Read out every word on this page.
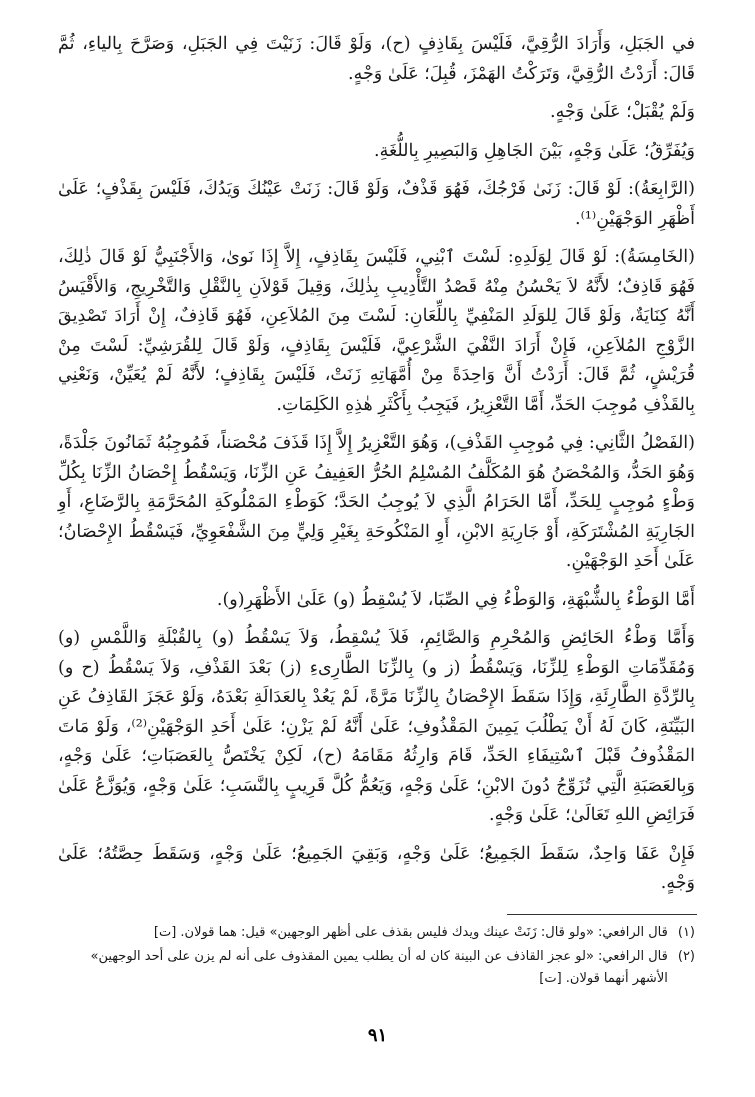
في الجَبَلِ، وَأَرَادَ الرُّقِيَّ، فَلَيْسَ بِقَاذِفٍ (ح)، وَلَوْ قَالَ: زَنَيْتَ فِي الجَبَلِ، وَصَرَّحَ بِالياءِ، ثُمَّ قَالَ: أَرَدْتُ الرُّقِيَّ، وَتَرَكْتُ الهَمْزَ، قُبِلَ؛ عَلَىٰ وَجْهٍ.

وَلَمْ يُقْبَلْ؛ عَلَىٰ وَجْهٍ.

وَيُفَرِّقُ؛ عَلَىٰ وَجْهٍ، بَيْنَ الجَاهِلِ وَالبَصِيرِ بِاللُّغَةِ.

(الرَّابِعَةُ): لَوْ قَالَ: زَنَىٰ فَرْجُكَ، فَهُوَ قَذْفٌ، وَلَوْ قَالَ: زَنَتْ عَيْنُكَ وَيَدُكَ، فَلَيْسَ بِقَذْفٍ؛ عَلَىٰ أَظْهَرِ الوَجْهَيْنِ⁽¹⁾.

(الخَامِسَةُ): لَوْ قَالَ لِوَلَدِهِ: لَسْتَ ٱبْنِي، فَلَيْسَ بِقَاذِفٍ، إِلاَّ إِذَا نَوىٰ، وَالأَجْنَبِيُّ لَوْ قَالَ ذٰلِكَ، فَهُوَ قَاذِفٌ؛ لأَنَّهُ لاَ يَحْسُنُ مِنْهُ قَصْدُ التَّأْدِيبِ بِذٰلِكَ، وَقِيلَ قَوْلاَنِ بِالنَّقْلِ وَالتَّخْرِيجِ، وَالأَقْيَسُ أَنَّهُ كِنَايَةٌ، وَلَوْ قَالَ لِلوَلَدِ المَنْفِيِّ بِاللِّعَانِ: لَسْتَ مِنَ المُلاَعِنِ، فَهُوَ قَاذِفٌ، إِنْ أَرَادَ تَصْدِيقَ الزَّوْجِ المُلاَعِنِ، فَإِنْ أَرَادَ النَّفْيَ الشَّرْعِيَّ، فَلَيْسَ بِقَاذِفٍ، وَلَوْ قَالَ لِلقُرَشِيِّ: لَسْتَ مِنْ قُرَيْشٍ، ثُمَّ قَالَ: أَرَدْتُ أَنَّ وَاحِدَةً مِنْ أُمَّهَاتِهِ زَنَتْ، فَلَيْسَ بِقَاذِفٍ؛ لأَنَّهُ لَمْ يُعَيِّنْ، وَنَعْنِي بِالقَذْفِ مُوجِبَ الحَدِّ، أَمَّا التَّعْزِيرُ، فَيَجِبُ بِأَكْثَرِ هٰذِهِ الكَلِمَاتِ.

(الفَصْلُ الثَّانِي: فِي مُوجِبِ القَذْفِ)، وَهُوَ التَّعْزِيرُ إِلاَّ إِذَا قَذَفَ مُحْصَناً، فَمُوجِبُهُ ثَمَانُونَ جَلْدَةً، وَهُوَ الحَدُّ، وَالمُحْصَنُ هُوَ المُكَلَّفُ المُسْلِمُ الحُرُّ العَفِيفُ عَنِ الزِّنَا، وَيَسْقُطُ إِحْصَانُ الزِّنَا بِكُلِّ وَطْءٍ مُوجِبٍ لِلحَدِّ، أَمَّا الحَرَامُ الَّذِي لاَ يُوجِبُ الحَدَّ؛ كَوَطْءِ المَمْلُوكَةِ المُحَرَّمَةِ بِالرَّضَاعِ، أَوِ الجَارِيَةِ المُشْتَرَكَةِ، أَوْ جَارِيَةِ الابْنِ، أَوِ المَنْكُوحَةِ بِغَيْرِ وَلِيٍّ مِنَ الشَّفْعَوِيِّ، فَيَسْقُطُ الإِحْصَانُ؛ عَلَىٰ أَحَدِ الوَجْهَيْنِ.

أَمَّا الوَطْءُ بِالشُّبْهَةِ، وَالوَطْءُ فِي الصِّبَا، لاَ يُسْقِطُ (و) عَلَىٰ الأَظْهَرِ(و).

وَأَمَّا وَطْءُ الحَائِضِ وَالمُحْرِمِ وَالصَّائِمِ، فَلاَ يُسْقِطُ، وَلاَ يَسْقُطُ (و) بِالقُبْلَةِ وَاللَّمْسِ (و) وَمُقَدِّمَاتِ الوَطْءِ لِلزِّنَا، وَيَسْقُطُ (ز و) بِالزِّنَا الطَّارِىءِ (ز) بَعْدَ القَذْفِ، وَلاَ يَسْقُطُ (ح و) بِالرِّدَّةِ الطَّارِئَةِ، وَإِذَا سَقَطَ الإِحْصَانُ بِالزِّنَا مَرَّةً، لَمْ يَعُدْ بِالعَدَالَةِ بَعْدَهُ، وَلَوْ عَجَزَ القَاذِفُ عَنِ البَيِّنَةِ، كَانَ لَهُ أَنْ يَطْلُبَ يَمِينَ المَقْذُوفِ؛ عَلَىٰ أَنَّهُ لَمْ يَزْنِ؛ عَلَىٰ أَحَدِ الوَجْهَيْنِ⁽²⁾، وَلَوْ مَاتَ المَقْذُوفُ قَبْلَ ٱسْتِيفَاءِ الحَدِّ، قَامَ وَارِثُهُ مَقَامَهُ (ح)، لَكِنْ يَخْتَصُّ بِالعَصَبَاتِ؛ عَلَىٰ وَجْهٍ، وَبِالعَصَبَةِ الَّتِي تُزَوِّجُ دُونَ الابْنِ؛ عَلَىٰ وَجْهٍ، وَيَعُمُّ كُلَّ قَرِيبٍ بِالنَّسَبِ؛ عَلَىٰ وَجْهٍ، وَيُوَزَّعُ عَلَىٰ فَرَائِضِ اللهِ تَعَالَىٰ؛ عَلَىٰ وَجْهٍ.

فَإِنْ عَفَا وَاحِدٌ، سَقَطَ الجَمِيعُ؛ عَلَىٰ وَجْهٍ، وَبَقِيَ الجَمِيعُ؛ عَلَىٰ وَجْهٍ، وَسَقَطَ حِصَّتُهُ؛ عَلَىٰ وَجْهٍ.

(١)
قال الرافعي: «ولو قال: زَنَتْ عينك ويدك فليس بقذف على أظهر الوجهين» قيل: هما قولان. [ت]
(٢)
قال الرافعي: «لو عجز القاذف عن البينة كان له أن يطلب يمين المقذوف على أنه لم يزن على أحد الوجهين» الأشهر أنهما قولان. [ت]
٩١
